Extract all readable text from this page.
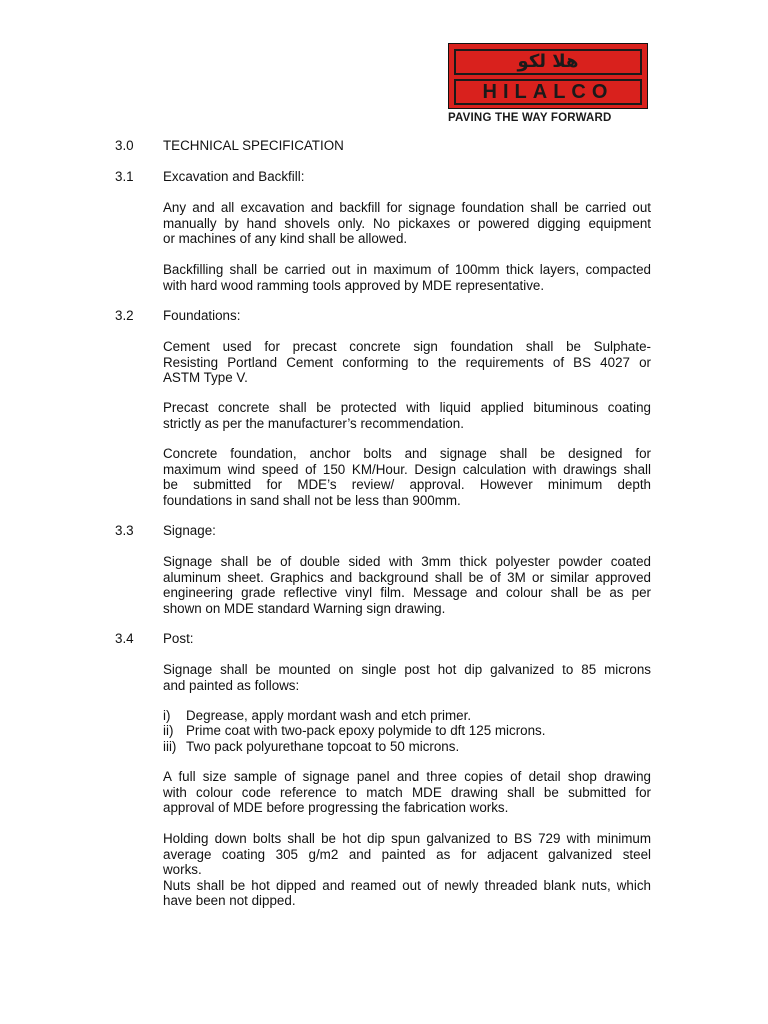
هلا لكو
HILALCO
PAVING THE WAY FORWARD
3.0 TECHNICAL SPECIFICATION
3.1 Excavation and Backfill:
Any and all excavation and backfill for signage foundation shall be carried out
manually by hand shovels only. No pickaxes or powered digging equipment
or machines of any kind shall be allowed.
Backfilling shall be carried out in maximum of 100mm thick layers, compacted
with hard wood ramming tools approved by MDE representative.
3.2 Foundations:
Cement used for precast concrete sign foundation shall be Sulphate-
Resisting Portland Cement conforming to the requirements of BS 4027 or
ASTM Type V.
Precast concrete shall be protected with liquid applied bituminous coating
strictly as per the manufacturer’s recommendation.
Concrete foundation, anchor bolts and signage shall be designed for
maximum wind speed of 150 KM/Hour. Design calculation with drawings shall
be submitted for MDE’s review/ approval. However minimum depth
foundations in sand shall not be less than 900mm.
3.3 Signage:
Signage shall be of double sided with 3mm thick polyester powder coated
aluminum sheet. Graphics and background shall be of 3M or similar approved
engineering grade reflective vinyl film. Message and colour shall be as per
shown on MDE standard Warning sign drawing.
3.4 Post:
Signage shall be mounted on single post hot dip galvanized to 85 microns
and painted as follows:
i) Degrease, apply mordant wash and etch primer.
ii) Prime coat with two-pack epoxy polymide to dft 125 microns.
iii) Two pack polyurethane topcoat to 50 microns.
A full size sample of signage panel and three copies of detail shop drawing
with colour code reference to match MDE drawing shall be submitted for
approval of MDE before progressing the fabrication works.
Holding down bolts shall be hot dip spun galvanized to BS 729 with minimum
average coating 305 g/m2 and painted as for adjacent galvanized steel
works.
Nuts shall be hot dipped and reamed out of newly threaded blank nuts, which
have been not dipped.
